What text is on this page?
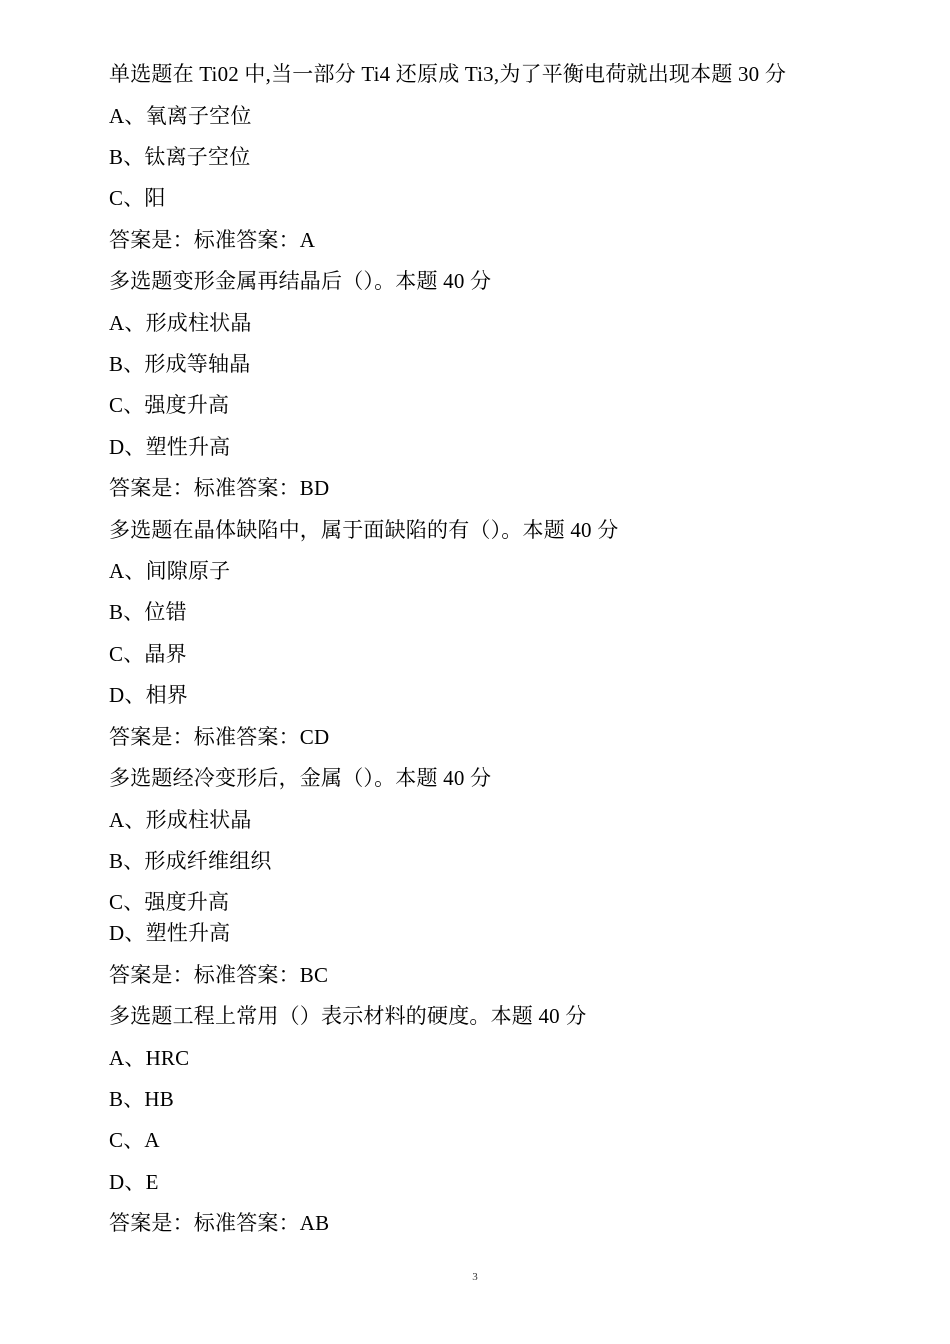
单选题在 Ti02 中,当一部分 Ti4 还原成 Ti3,为了平衡电荷就出现本题 30 分
A、氧离子空位
B、钛离子空位
C、阳
答案是：标准答案：A
多选题变形金属再结晶后（）。本题 40 分
A、形成柱状晶
B、形成等轴晶
C、强度升高
D、塑性升高
答案是：标准答案：BD
多选题在晶体缺陷中，属于面缺陷的有（）。本题 40 分
A、间隙原子
B、位错
C、晶界
D、相界
答案是：标准答案：CD
多选题经冷变形后，金属（）。本题 40 分
A、形成柱状晶
B、形成纤维组织
C、强度升高
D、塑性升高
答案是：标准答案：BC
多选题工程上常用（）表示材料的硬度。本题 40 分
A、HRC
B、HB
C、A
D、E
答案是：标准答案：AB
3
